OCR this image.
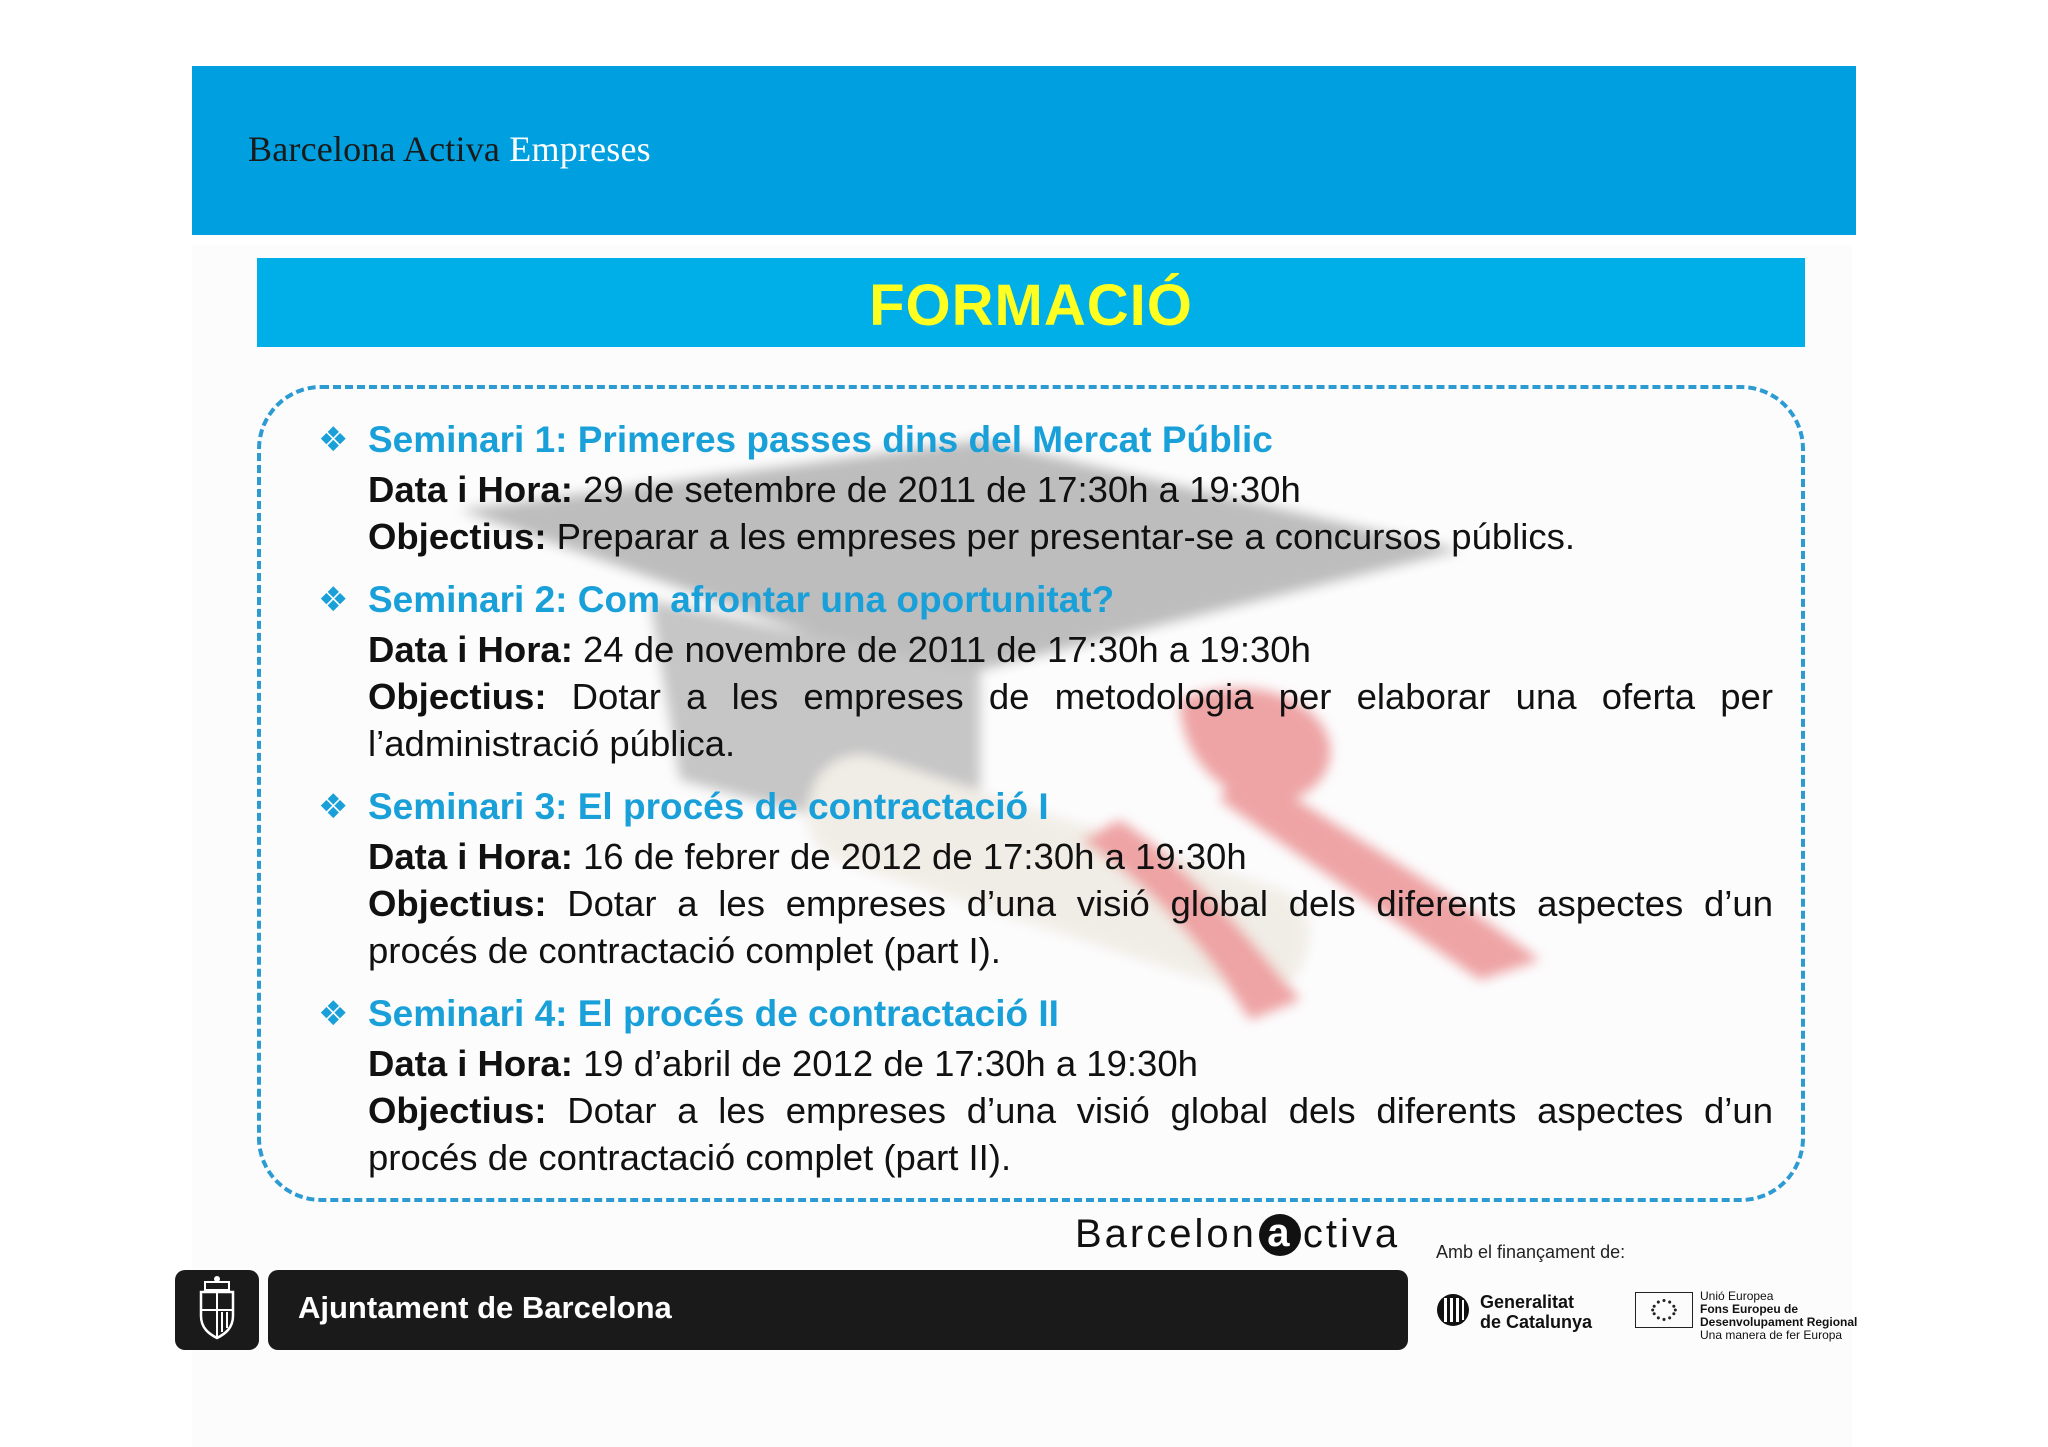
Barcelona Activa Empreses

FORMACIÓ
❖ Seminari 1: Primeres passes dins del Mercat Públic
Data i Hora: 29 de setembre de 2011 de 17:30h a 19:30h
Objectius: Preparar a les empreses per presentar-se a concursos públics.
❖ Seminari 2: Com afrontar una oportunitat?
Data i Hora: 24 de novembre de 2011 de 17:30h a 19:30h
Objectius: Dotar a les empreses de metodologia per elaborar una oferta per l’administració pública.
❖ Seminari 3: El procés de contractació I
Data i Hora: 16 de febrer de 2012 de 17:30h a 19:30h
Objectius: Dotar a les empreses d’una visió global dels diferents aspectes d’un procés de contractació complet (part I).
❖ Seminari 4: El procés de contractació II
Data i Hora: 19 d’abril de 2012 de 17:30h a 19:30h
Objectius: Dotar a les empreses d’una visió global dels diferents aspectes d’un procés de contractació complet (part II).
Barcelon a ctiva
Ajuntament de Barcelona
Amb el finançament de:
Generalitat
de Catalunya
Unió Europea
Fons Europeu de
Desenvolupament Regional
Una manera de fer Europa
